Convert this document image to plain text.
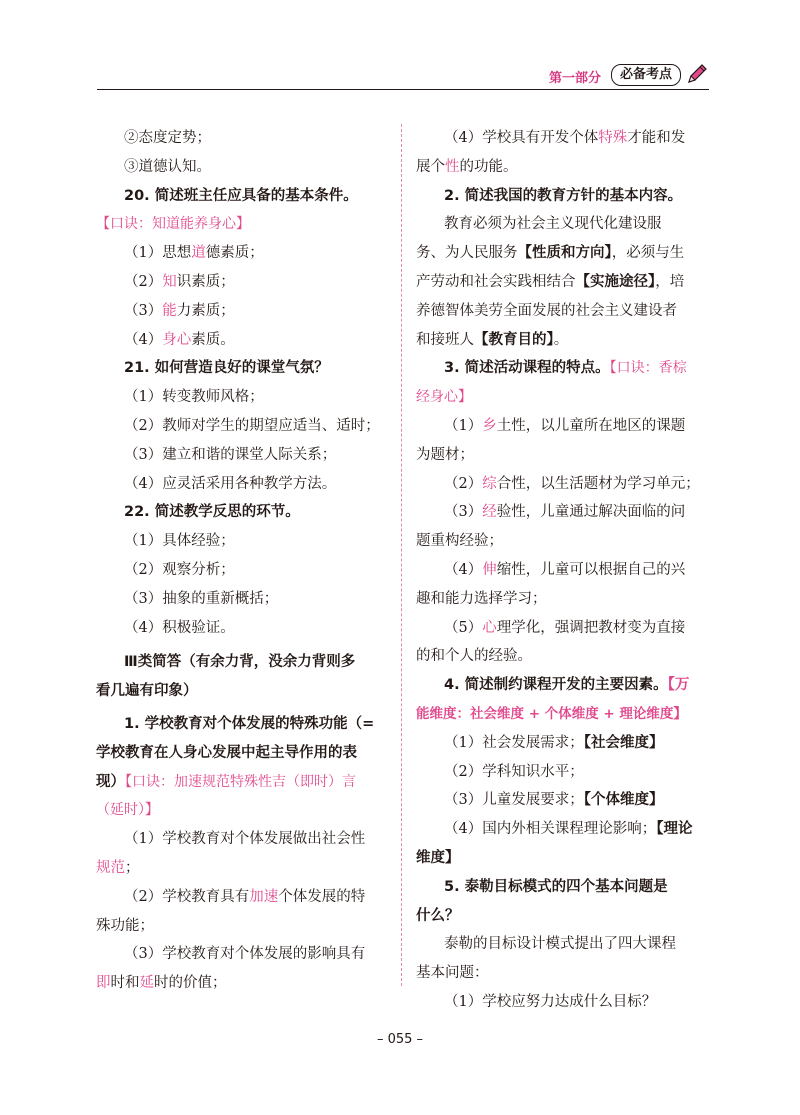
第一部分	必备考点
②态度定势；
③道德认知。
20. 简述班主任应具备的基本条件。
【口诀：知道能养身心】
（1）思想道德素质；
（2）知识素质；
（3）能力素质；
（4）身心素质。
21. 如何营造良好的课堂气氛？
（1）转变教师风格；
（2）教师对学生的期望应适当、适时；
（3）建立和谐的课堂人际关系；
（4）应灵活采用各种教学方法。
22. 简述教学反思的环节。
（1）具体经验；
（2）观察分析；
（3）抽象的重新概括；
（4）积极验证。
Ⅲ类简答（有余力背，没余力背则多
看几遍有印象）
1. 学校教育对个体发展的特殊功能（=
学校教育在人身心发展中起主导作用的表
现）【口诀：加速规范特殊性吉（即时）言
（延时）】
（1）学校教育对个体发展做出社会性
规范；
（2）学校教育具有加速个体发展的特
殊功能；
（3）学校教育对个体发展的影响具有
即时和延时的价值；
（4）学校具有开发个体特殊才能和发
展个性的功能。
2. 简述我国的教育方针的基本内容。
教育必须为社会主义现代化建设服
务、为人民服务【性质和方向】，必须与生
产劳动和社会实践相结合【实施途径】，培
养德智体美劳全面发展的社会主义建设者
和接班人【教育目的】。
3. 简述活动课程的特点。【口诀：香棕
经身心】
（1）乡土性，以儿童所在地区的课题
为题材；
（2）综合性，以生活题材为学习单元；
（3）经验性，儿童通过解决面临的问
题重构经验；
（4）伸缩性，儿童可以根据自己的兴
趣和能力选择学习；
（5）心理学化，强调把教材变为直接
的和个人的经验。
4. 简述制约课程开发的主要因素。【万
能维度：社会维度 + 个体维度 + 理论维度】
（1）社会发展需求；【社会维度】
（2）学科知识水平；
（3）儿童发展要求；【个体维度】
（4）国内外相关课程理论影响；【理论
维度】
5. 泰勒目标模式的四个基本问题是
什么？
泰勒的目标设计模式提出了四大课程
基本问题：
（1）学校应努力达成什么目标？
– 055 –
